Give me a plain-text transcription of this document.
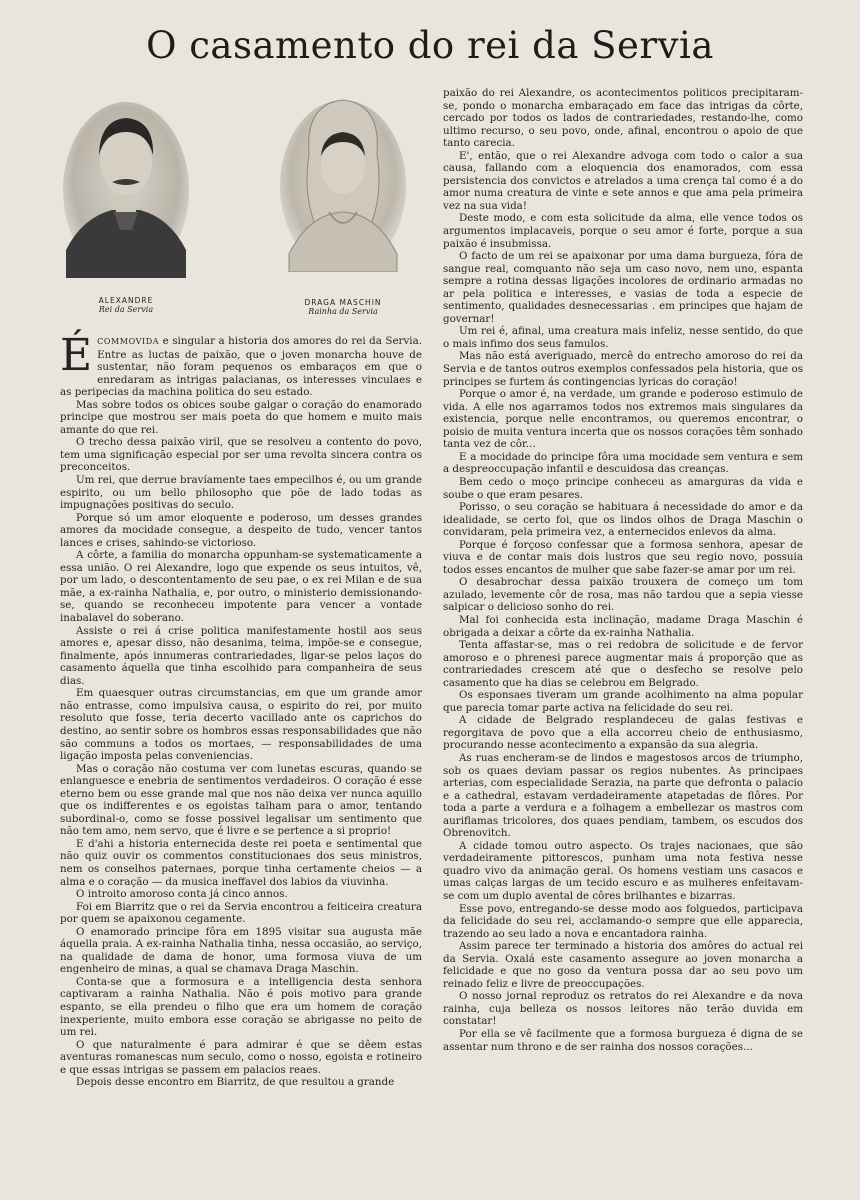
O casamento do rei da Servia
ALEXANDRE
Rei da Servia
DRAGA MASCHIN
Rainha da Servia

ÉCOMMOVIDA e singular a historia dos amores do rei da Servia. Entre as luctas de paixão, que o joven monarcha houve de sustentar, não foram pequenos os embaraços em que o enredaram as intrigas palacianas, os interesses vinculaes e as peripecias da machina politica do seu estado.

Mas sobre todos os obices soube galgar o coração do enamorado principe que mostrou ser mais poeta do que homem e muito mais amante do que rei.

O trecho dessa paixão viril, que se resolveu a contento do povo, tem uma significação especial por ser uma revolta sincera contra os preconceitos.

Um rei, que derrue bravíamente taes empecilhos é, ou um grande espirito, ou um bello philosopho que põe de lado todas as impugnações positivas do seculo.

Porque só um amor eloquente e poderoso, um desses grandes amores da mocidade consegue, a despeito de tudo, vencer tantos lances e crises, sahindo-se victorioso.

A côrte, a familia do monarcha oppunham-se systematicamente a essa união. O rei Alexandre, logo que expende os seus intuitos, vê, por um lado, o descontentamento de seu pae, o ex rei Milan e de sua mãe, a ex-rainha Nathalia, e, por outro, o ministerio demissionando-se, quando se reconheceu impotente para vencer a vontade inabalavel do soberano.

Assiste o rei á crise politica manifestamente hostil aos seus amores e, apesar disso, não desanima, teima, impõe-se e consegue, finalmente, após innumeras contrariedades, ligar-se pelos laços do casamento áquella que tinha escolhido para companheira de seus dias.

Em quaesquer outras circumstancias, em que um grande amor não entrasse, como impulsiva causa, o espirito do rei, por muito resoluto que fosse, teria decerto vacillado ante os caprichos do destino, ao sentir sobre os hombros essas responsabilidades que não são communs a todos os mortaes, — responsabilidades de uma ligação imposta pelas conveniencias.

Mas o coração não costuma ver com lunetas escuras, quando se enlanguesce e enebria de sentimentos verdadeiros. O coração é esse eterno bem ou esse grande mal que nos não deixa ver nunca aquillo que os indifferentes e os egoistas talham para o amor, tentando subordinal-o, como se fosse possivel legalisar um sentimento que não tem amo, nem servo, que é livre e se pertence a si proprio!

E d'ahi a historia enternecida deste rei poeta e sentimental que não quiz ouvir os commentos constitucionaes dos seus ministros, nem os conselhos paternaes, porque tinha certamente cheios — a alma e o coração — da musica ineffavel dos labios da viuvinha.

O introito amoroso conta já cinco annos.

Foi em Biarritz que o rei da Servia encontrou a feiticeira creatura por quem se apaixonou cegamente.

O enamorado principe fôra em 1895 visitar sua augusta mãe áquella praia. A ex-rainha Nathalia tinha, nessa occasião, ao serviço, na qualidade de dama de honor, uma formosa viuva de um engenheiro de minas, a qual se chamava Draga Maschin.

Conta-se que a formosura e a intelligencia desta senhora captivaram a rainha Nathalia. Não é pois motivo para grande espanto, se ella prendeu o filho que era um homem de coração inexperiente, muito embora esse coração se abrigasse no peito de um rei.

O que naturalmente é para admirar é que se dêem estas aventuras romanescas num seculo, como o nosso, egoista e rotineiro e que essas intrigas se passem em palacios reaes.

Depois desse encontro em Biarritz, de que resultou a grande

paixão do rei Alexandre, os acontecimentos politicos precipitaram-se, pondo o monarcha embaraçado em face das intrigas da côrte, cercado por todos os lados de contrariedades, restando-lhe, como ultimo recurso, o seu povo, onde, afinal, encontrou o apoio de que tanto carecia.

E', então, que o rei Alexandre advoga com todo o calor a sua causa, fallando com a eloquencia dos enamorados, com essa persistencia dos convictos e atrelados a uma crença tal como é a do amor numa creatura de vinte e sete annos e que ama pela primeira vez na sua vida!

Deste modo, e com esta solicitude da alma, elle vence todos os argumentos implacaveis, porque o seu amor é forte, porque a sua paixão é insubmissa.

O facto de um rei se apaixonar por uma dama burgueza, fóra de sangue real, comquanto não seja um caso novo, nem uno, espanta sempre a rotina dessas ligações incolores de ordinario armadas no ar pela politica e interesses, e vasias de toda a especie de sentimento, qualidades desnecessarias . em principes que hajam de governar!

Um rei é, afinal, uma creatura mais infeliz, nesse sentido, do que o mais infimo dos seus famulos.

Mas não está averiguado, mercê do entrecho amoroso do rei da Servia e de tantos outros exemplos confessados pela historia, que os principes se furtem ás contingencias lyricas do coração!

Porque o amor é, na verdade, um grande e poderoso estimulo de vida. A elle nos agarramos todos nos extremos mais singulares da existencia, porque nelle encontramos, ou queremos encontrar, o poisio de muita ventura incerta que os nossos corações têm sonhado tanta vez de côr...

E a mocidade do principe fôra uma mocidade sem ventura e sem a despreoccupação infantil e descuidosa das creanças.

Bem cedo o moço principe conheceu as amarguras da vida e soube o que eram pesares.

Porisso, o seu coração se habituara á necessidade do amor e da idealidade, se certo foi, que os lindos olhos de Draga Maschin o convidaram, pela primeira vez, a enternecidos enlevos da alma.

Porque é forçoso confessar que a formosa senhora, apesar de viuva e de contar mais dois lustros que seu regio novo, possuia todos esses encantos de mulher que sabe fazer-se amar por um rei.

O desabrochar dessa paixão trouxera de começo um tom azulado, levemente côr de rosa, mas não tardou que a sepia viesse salpicar o delicioso sonho do rei.

Mal foi conhecida esta inclinação, madame Draga Maschin é obrigada a deixar a côrte da ex-rainha Nathalia.

Tenta affastar-se, mas o rei redobra de solicitude e de fervor amoroso e o phrenesi parece augmentar mais á proporção que as contrariedades crescem até que o desfecho se resolve pelo casamento que ha dias se celebrou em Belgrado.

Os esponsaes tiveram um grande acolhimento na alma popular que parecia tomar parte activa na felicidade do seu rei.

A cidade de Belgrado resplandeceu de galas festivas e regorgitava de povo que a ella accorreu cheio de enthusiasmo, procurando nesse acontecimento a expansão da sua alegria.

As ruas encheram-se de lindos e magestosos arcos de triumpho, sob os quaes deviam passar os regios nubentes. As principaes arterias, com especialidade Serazia, na parte que defronta o palacio e a cathedral, estavam verdadeiramente atapetadas de flôres. Por toda a parte a verdura e a folhagem a embellezar os mastros com auriflamas tricolores, dos quaes pendiam, tambem, os escudos dos Obrenovitch.

A cidade tomou outro aspecto. Os trajes nacionaes, que são verdadeiramente pittorescos, punham uma nota festiva nesse quadro vivo da animação geral. Os homens vestiam uns casacos e umas calças largas de um tecido escuro e as mulheres enfeitavam-se com um duplo avental de côres brilhantes e bizarras.

Esse povo, entregando-se desse modo aos folguedos, participava da felicidade do seu rei, acclamando-o sempre que elle apparecia, trazendo ao seu lado a nova e encantadora rainha.

Assim parece ter terminado a historia dos amôres do actual rei da Servia. Oxalá este casamento assegure ao joven monarcha a felicidade e que no goso da ventura possa dar ao seu povo um reinado feliz e livre de preoccupações.

O nosso jornal reproduz os retratos do rei Alexandre e da nova rainha, cuja belleza os nossos leitores não terão duvida em constatar!

Por ella se vê facilmente que a formosa burgueza é digna de se assentar num throno e de ser rainha dos nossos corações...
